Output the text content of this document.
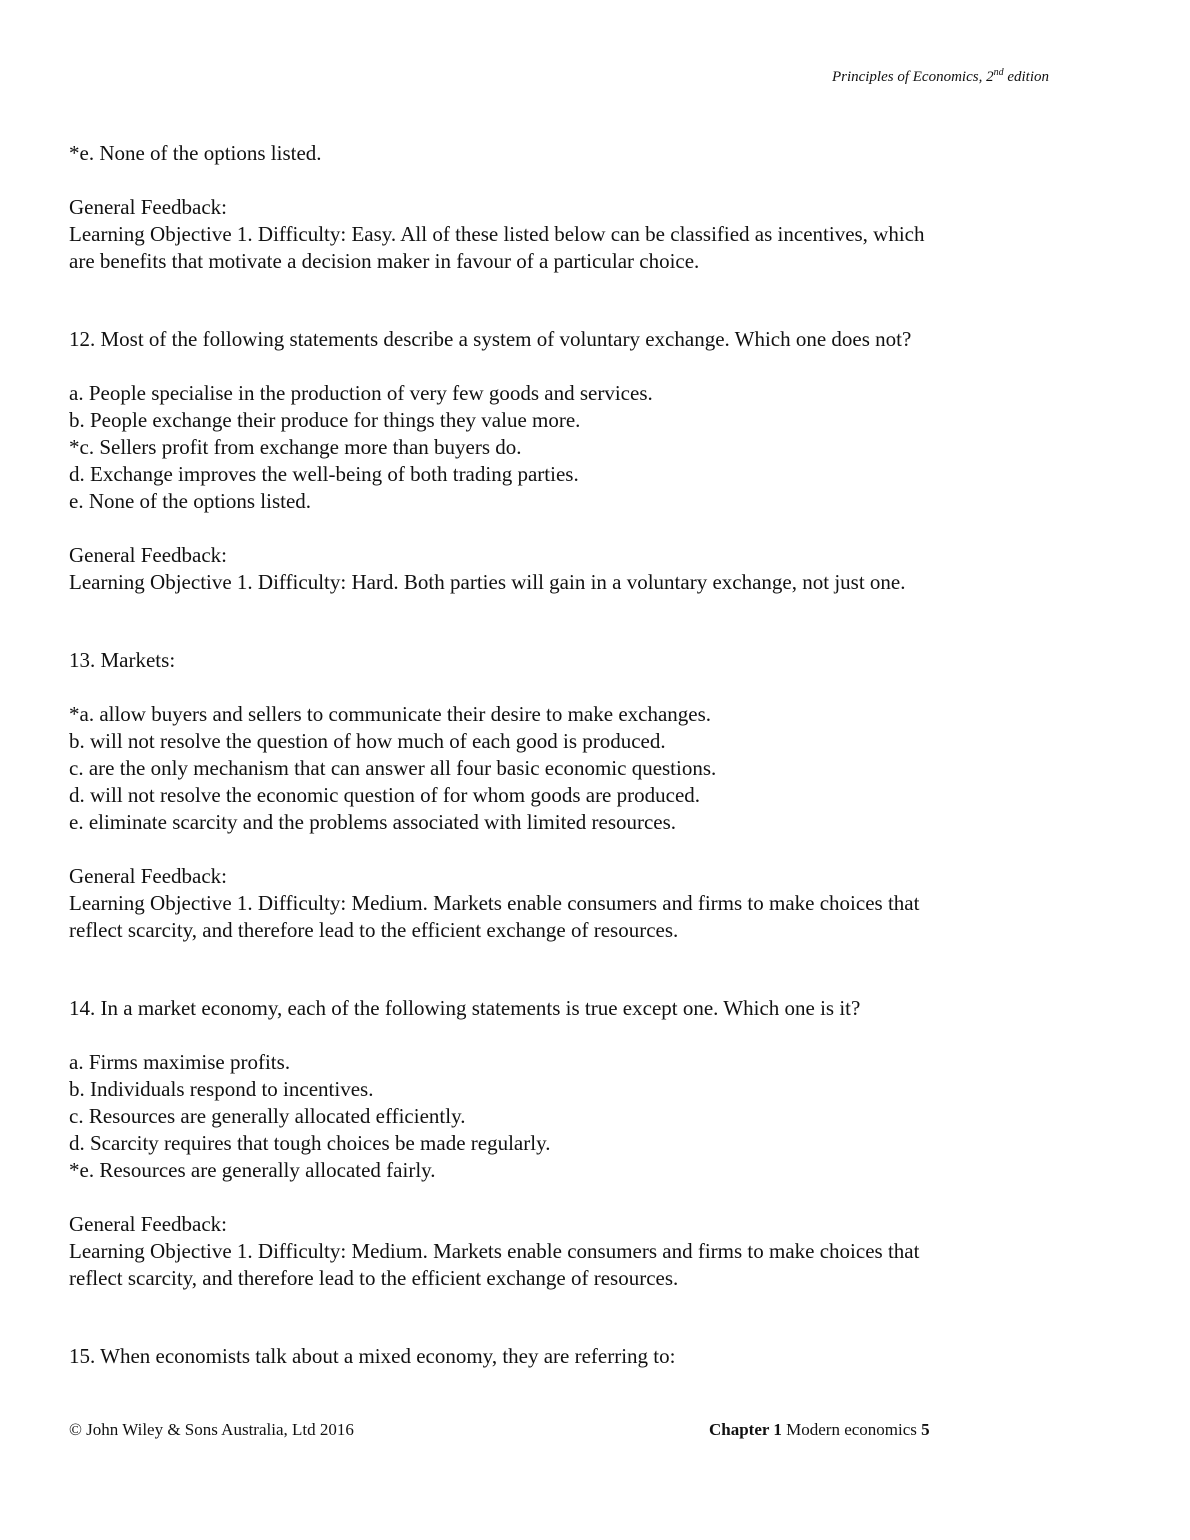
Principles of Economics, 2nd edition

*e. None of the options listed.

General Feedback:

Learning Objective 1. Difficulty: Easy. All of these listed below can be classified as incentives, which

are benefits that motivate a decision maker in favour of a particular choice.

12. Most of the following statements describe a system of voluntary exchange. Which one does not?

a. People specialise in the production of very few goods and services.

b. People exchange their produce for things they value more.

*c. Sellers profit from exchange more than buyers do.

d. Exchange improves the well-being of both trading parties.

e. None of the options listed.

General Feedback:

Learning Objective 1. Difficulty: Hard. Both parties will gain in a voluntary exchange, not just one.

13. Markets:

*a. allow buyers and sellers to communicate their desire to make exchanges.

b. will not resolve the question of how much of each good is produced.

c. are the only mechanism that can answer all four basic economic questions.

d. will not resolve the economic question of for whom goods are produced.

e. eliminate scarcity and the problems associated with limited resources.

General Feedback:

Learning Objective 1. Difficulty: Medium. Markets enable consumers and firms to make choices that

reflect scarcity, and therefore lead to the efficient exchange of resources.

14. In a market economy, each of the following statements is true except one. Which one is it?

a. Firms maximise profits.

b. Individuals respond to incentives.

c. Resources are generally allocated efficiently.

d. Scarcity requires that tough choices be made regularly.

*e. Resources are generally allocated fairly.

General Feedback:

Learning Objective 1. Difficulty: Medium. Markets enable consumers and firms to make choices that

reflect scarcity, and therefore lead to the efficient exchange of resources.

15. When economists talk about a mixed economy, they are referring to:

© John Wiley & Sons Australia, Ltd 2016	Chapter 1 Modern economics 5
